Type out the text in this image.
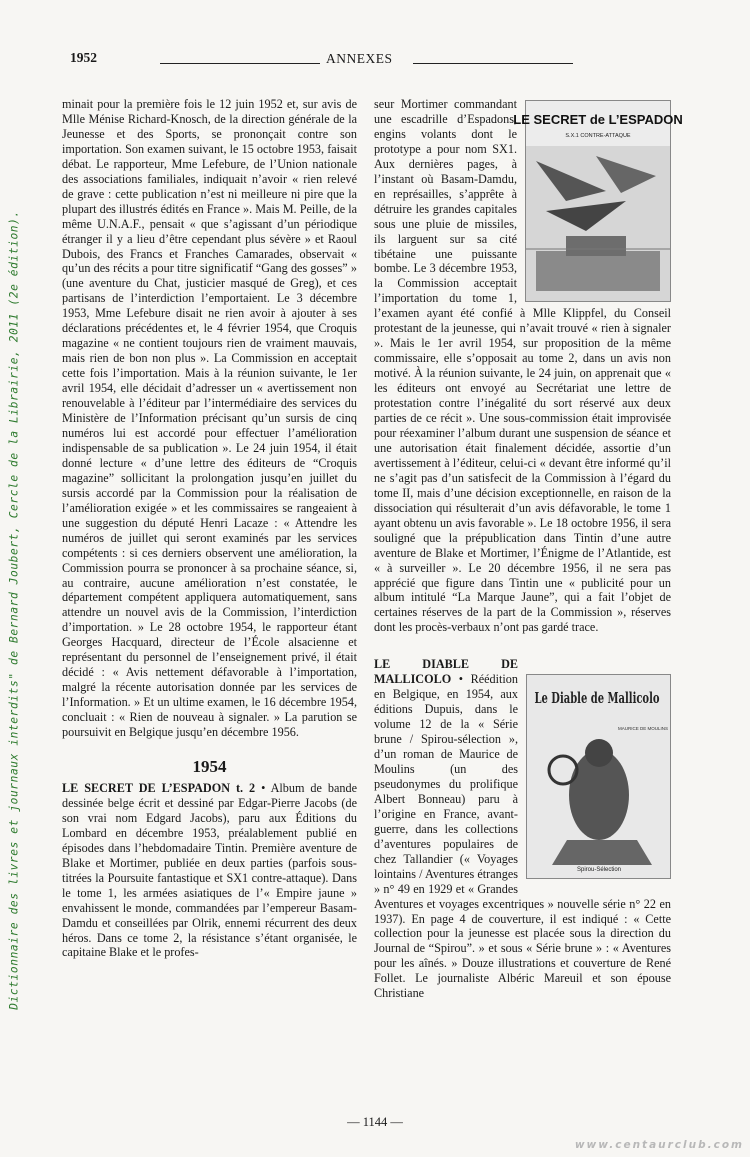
1952	ANNEXES
Dictionnaire des livres et journaux interdits" de Bernard Joubert, Cercle de la Librairie, 2011 (2e édition).

minait pour la première fois le 12 juin 1952 et, sur avis de Mlle Ménise Richard-Knosch, de la direction générale de la Jeunesse et des Sports, se prononçait contre son importation. Son examen suivant, le 15 octobre 1953, faisait débat. Le rapporteur, Mme Lefebure, de l’Union nationale des associations familiales, indiquait n’avoir « rien relevé de grave : cette publication n’est ni meilleure ni pire que la plupart des illustrés édités en France ». Mais M. Peille, de la même U.N.A.F., pensait « que s’agissant d’un périodique étranger il y a lieu d’être cependant plus sévère » et Raoul Dubois, des Francs et Franches Camarades, observait « qu’un des récits a pour titre significatif “Gang des gosses” » (une aventure du Chat, justicier masqué de Greg), et ces partisans de l’interdiction l’emportaient. Le 3 décembre 1953, Mme Lefebure disait ne rien avoir à ajouter à ses déclarations précédentes et, le 4 février 1954, que Croquis magazine « ne contient toujours rien de vraiment mauvais, mais rien de bon non plus ». La Commission en acceptait cette fois l’importation. Mais à la réunion suivante, le 1er avril 1954, elle décidait d’adresser un « avertissement non renouvelable à l’éditeur par l’intermédiaire des services du Ministère de l’Information précisant qu’un sursis de cinq numéros lui est accordé pour effectuer l’amélioration indispensable de sa publication ». Le 24 juin 1954, il était donné lecture « d’une lettre des éditeurs de “Croquis magazine” sollicitant la prolongation jusqu’en juillet du sursis accordé par la Commission pour la réalisation de l’amélioration exigée » et les commissaires se rangeaient à une suggestion du député Henri Lacaze : « Attendre les numéros de juillet qui seront examinés par les services compétents : si ces derniers observent une amélioration, la Commission pourra se prononcer à sa prochaine séance, si, au contraire, aucune amélioration n’est constatée, le département compétent appliquera automatiquement, sans attendre un nouvel avis de la Commission, l’interdiction d’importation. » Le 28 octobre 1954, le rapporteur étant Georges Hacquard, directeur de l’École alsacienne et représentant du personnel de l’enseignement privé, il était décidé : « Avis nettement défavorable à l’importation, malgré la récente autorisation donnée par les services de l’Information. » Et un ultime examen, le 16 décembre 1954, concluait : « Rien de nouveau à signaler. » La parution se poursuivit en Belgique jusqu’en décembre 1956.

1954

LE SECRET DE L’ESPADON t. 2 • Album de bande dessinée belge écrit et dessiné par Edgar-Pierre Jacobs (de son vrai nom Edgard Jacobs), paru aux Éditions du Lombard en décembre 1953, préalablement publié en épisodes dans l’hebdomadaire Tintin. Première aventure de Blake et Mortimer, publiée en deux parties (parfois sous-titrées la Poursuite fantastique et SX1 contre-attaque). Dans le tome 1, les armées asiatiques de l’« Empire jaune » envahissent le monde, commandées par l’empereur Basam-Damdu et conseillées par Olrik, ennemi récurrent des deux héros. Dans ce tome 2, la résistance s’étant organisée, le capitaine Blake et le profes-

LE SECRET de L’ESPADON
S.X.1 CONTRE-ATTAQUE

seur Mortimer commandant une escadrille d’Espadons, engins volants dont le prototype a pour nom SX1. Aux dernières pages, à l’instant où Basam-Damdu, en représailles, s’apprête à détruire les grandes capitales sous une pluie de missiles, ils larguent sur sa cité tibétaine une puissante bombe. Le 3 décembre 1953, la Commission acceptait l’importation du tome 1, l’examen ayant été confié à Mlle Klippfel, du Conseil protestant de la jeunesse, qui n’avait trouvé « rien à signaler ». Mais le 1er avril 1954, sur proposition de la même commissaire, elle s’opposait au tome 2, dans un avis non motivé. À la réunion suivante, le 24 juin, on apprenait que « les éditeurs ont envoyé au Secrétariat une lettre de protestation contre l’inégalité du sort réservé aux deux parties de ce récit ». Une sous-commission était improvisée pour réexaminer l’album durant une suspension de séance et une autorisation était finalement décidée, assortie d’un avertissement à l’éditeur, celui-ci « devant être informé qu’il ne s’agit pas d’un satisfecit de la Commission à l’égard du tome II, mais d’une décision exceptionnelle, en raison de la dissociation qui résulterait d’un avis défavorable, le tome 1 ayant obtenu un avis favorable ». Le 18 octobre 1956, il sera souligné que la prépublication dans Tintin d’une autre aventure de Blake et Mortimer, l’Énigme de l’Atlantide, est « à surveiller ». Le 20 décembre 1956, il ne sera pas apprécié que figure dans Tintin une « publicité pour un album intitulé “La Marque Jaune”, qui a fait l’objet de certaines réserves de la part de la Commission », réserves dont les procès-verbaux n’ont pas gardé trace.

Le Diable de Mallicolo
MAURICE DE MOULINS
Spirou-Sélection

LE DIABLE DE MALLICOLO • Réédition en Belgique, en 1954, aux éditions Dupuis, dans le volume 12 de la « Série brune / Spirou-sélection », d’un roman de Maurice de Moulins (un des pseudonymes du prolifique Albert Bonneau) paru à l’origine en France, avant-guerre, dans les collections d’aventures populaires de chez Tallandier (« Voyages lointains / Aventures étranges » n° 49 en 1929 et « Grandes Aventures et voyages excentriques » nouvelle série n° 22 en 1937). En page 4 de couverture, il est indiqué : « Cette collection pour la jeunesse est placée sous la direction du Journal de “Spirou”. » et sous « Série brune » : « Aventures pour les aînés. » Douze illustrations et couverture de René Follet. Le journaliste Albéric Mareuil et son épouse Christiane

— 1144 —
www.centaurclub.com
